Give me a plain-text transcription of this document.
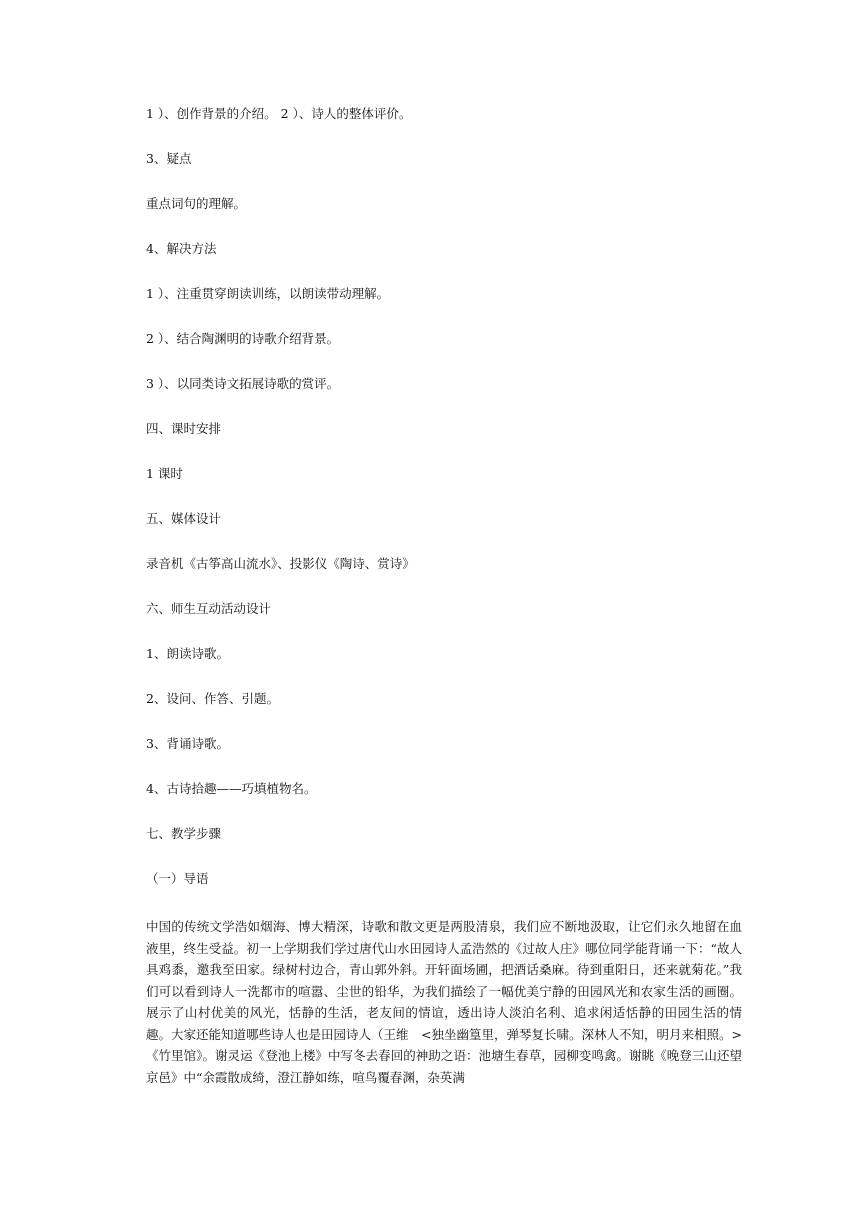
1 ）、创作背景的介绍。 2 ）、诗人的整体评价。
3、疑点
重点词句的理解。
4、解决方法
1 ）、注重贯穿朗读训练，以朗读带动理解。
2 ）、结合陶渊明的诗歌介绍背景。
3 ）、以同类诗文拓展诗歌的赏评。
四、课时安排
1 课时
五、媒体设计
录音机《古筝高山流水》、投影仪《陶诗、赏诗》
六、师生互动活动设计
1、朗读诗歌。
2、设问、作答、引题。
3、背诵诗歌。
4、古诗拾趣——巧填植物名。
七、教学步骤
（一）导语

中国的传统文学浩如烟海、博大精深，诗歌和散文更是两股清泉，我们应不断地汲取，让它们永久地留在血液里，终生受益。初一上学期我们学过唐代山水田园诗人孟浩然的《过故人庄》哪位同学能背诵一下：“故人具鸡黍，邀我至田家。绿树村边合，青山郭外斜。开轩面场圃，把酒话桑麻。待到重阳日，还来就菊花。”我们可以看到诗人一洗都市的喧嚣、尘世的铅华，为我们描绘了一幅优美宁静的田园风光和农家生活的画圈。展示了山村优美的风光，恬静的生活，老友间的情谊，透出诗人淡泊名利、追求闲适恬静的田园生活的情趣。大家还能知道哪些诗人也是田园诗人（王维　<独坐幽篁里，弹琴复长啸。深林人不知，明月来相照。>《竹里馆》。谢灵运《登池上楼》中写冬去春回的神助之语：池塘生春草，园柳变鸣禽。谢眺《晚登三山还望京邑》中“余霞散成绮，澄江静如练，喧鸟覆春渊，杂英满
